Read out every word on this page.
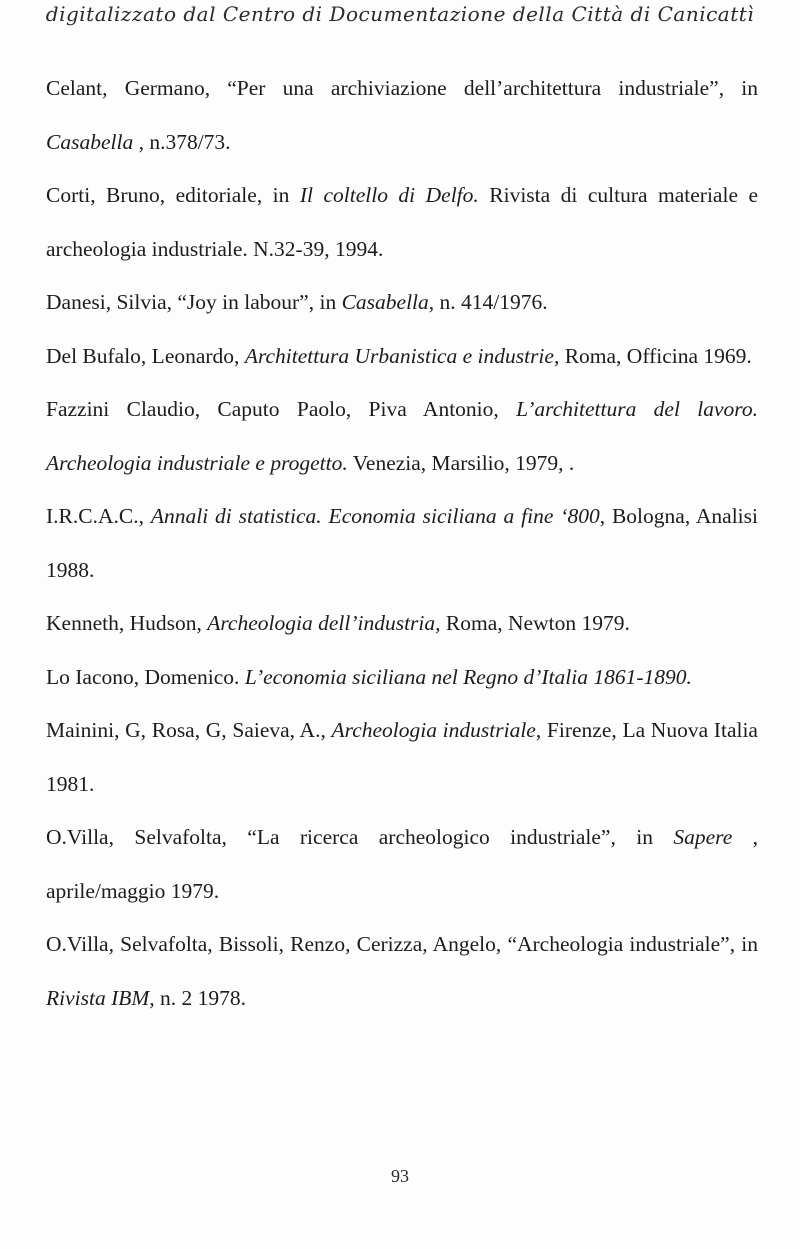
digitalizzato dal Centro di Documentazione della Città di Canicattì

Celant, Germano, “Per una archiviazione dell’architettura industriale”, in Casabella , n.378/73.

Corti, Bruno, editoriale, in Il coltello di Delfo. Rivista di cultura materiale e archeologia industriale. N.32-39, 1994.

Danesi, Silvia, “Joy in labour”, in Casabella, n. 414/1976.

Del Bufalo, Leonardo, Architettura Urbanistica e industrie, Roma, Officina 1969.

Fazzini Claudio, Caputo Paolo, Piva Antonio, L’architettura del lavoro. Archeologia industriale e progetto. Venezia, Marsilio, 1979, .

I.R.C.A.C., Annali di statistica. Economia siciliana a fine ‘800, Bologna, Analisi 1988.

Kenneth, Hudson, Archeologia dell’industria, Roma, Newton 1979.

Lo Iacono, Domenico. L’economia siciliana nel Regno d’Italia 1861-1890.

Mainini, G, Rosa, G, Saieva, A., Archeologia industriale, Firenze, La Nuova Italia 1981.

O.Villa, Selvafolta, “La ricerca archeologico industriale”, in Sapere , aprile/maggio 1979.

O.Villa, Selvafolta, Bissoli, Renzo, Cerizza, Angelo, “Archeologia industriale”, in Rivista IBM, n. 2 1978.

93
